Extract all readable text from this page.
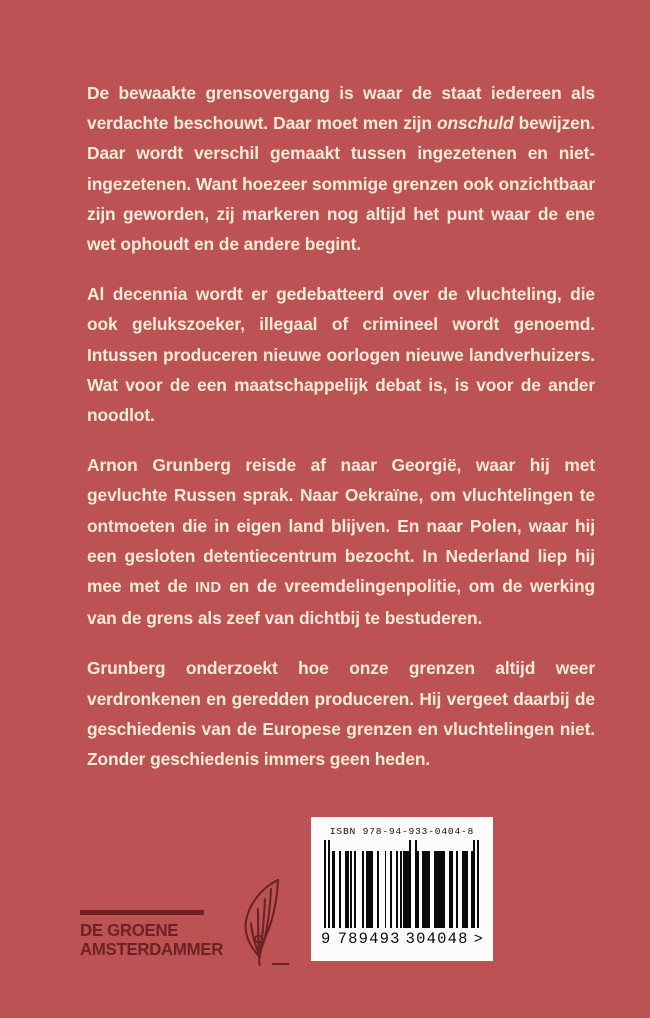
De bewaakte grensovergang is waar de staat iedereen als verdachte beschouwt. Daar moet men zijn onschuld bewijzen. Daar wordt verschil gemaakt tussen ingezetenen en niet-ingezetenen. Want hoezeer sommige grenzen ook onzichtbaar zijn geworden, zij markeren nog altijd het punt waar de ene wet ophoudt en de andere begint.

Al decennia wordt er gedebatteerd over de vluchteling, die ook gelukszoeker, illegaal of crimineel wordt genoemd. Intussen produceren nieuwe oorlogen nieuwe landverhuizers. Wat voor de een maatschappelijk debat is, is voor de ander noodlot.

Arnon Grunberg reisde af naar Georgië, waar hij met gevluchte Russen sprak. Naar Oekraïne, om vluchtelingen te ontmoeten die in eigen land blijven. En naar Polen, waar hij een gesloten detentiecentrum bezocht. In Nederland liep hij mee met de IND en de vreemdelingenpolitie, om de werking van de grens als zeef van dichtbij te bestuderen.

Grunberg onderzoekt hoe onze grenzen altijd weer verdronkenen en geredden produceren. Hij vergeet daarbij de geschiedenis van de Europese grenzen en vluchtelingen niet. Zonder geschiedenis immers geen heden.

DE GROENE
AMSTERDAMMER
ISBN 978-94-933-0404-8
9 789493 304048 >
